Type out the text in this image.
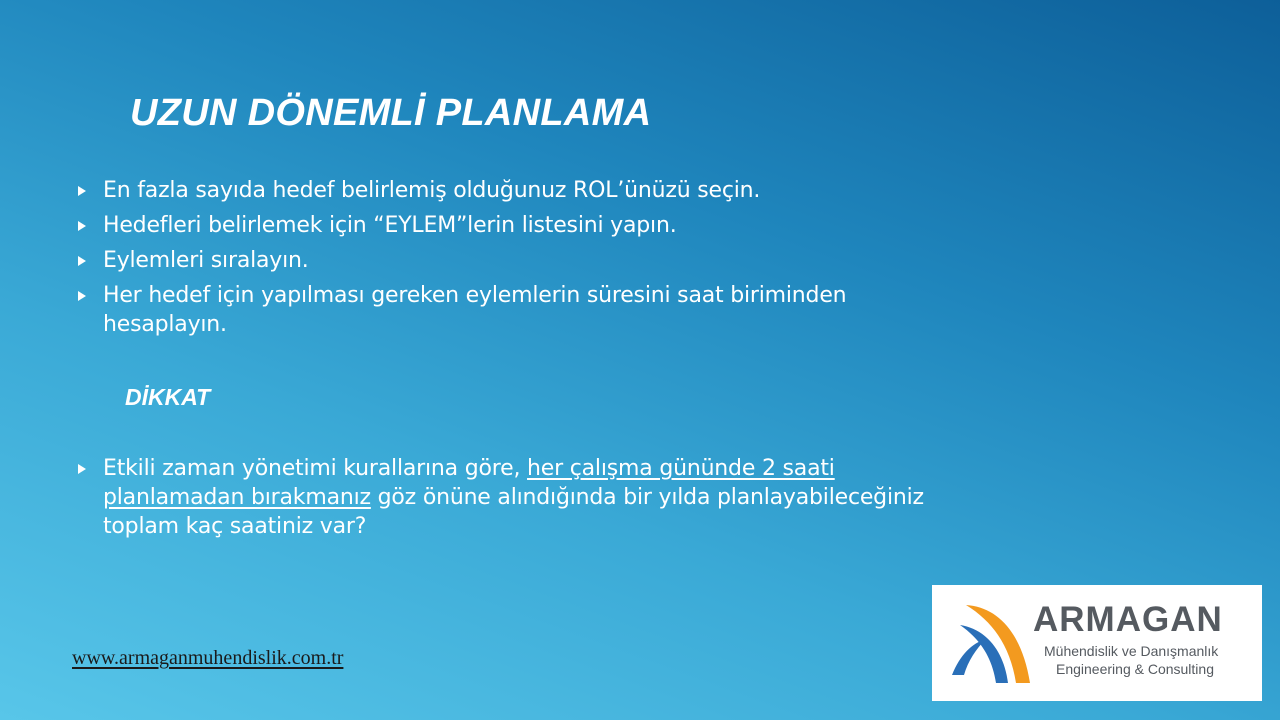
UZUN DÖNEMLİ PLANLAMA
En fazla sayıda hedef belirlemiş olduğunuz ROL’ünüzü seçin.
Hedefleri belirlemek için “EYLEM”lerin listesini yapın.
Eylemleri sıralayın.
Her hedef için yapılması gereken eylemlerin süresini saat biriminden hesaplayın.
DİKKAT
Etkili zaman yönetimi kurallarına göre, her çalışma gününde 2 saati planlamadan bırakmanız göz önüne alındığında bir yılda planlayabileceğiniz toplam kaç saatiniz var?
www.armaganmuhendislik.com.tr
ARMAGAN
Mühendislik ve Danışmanlık
Engineering & Consulting
